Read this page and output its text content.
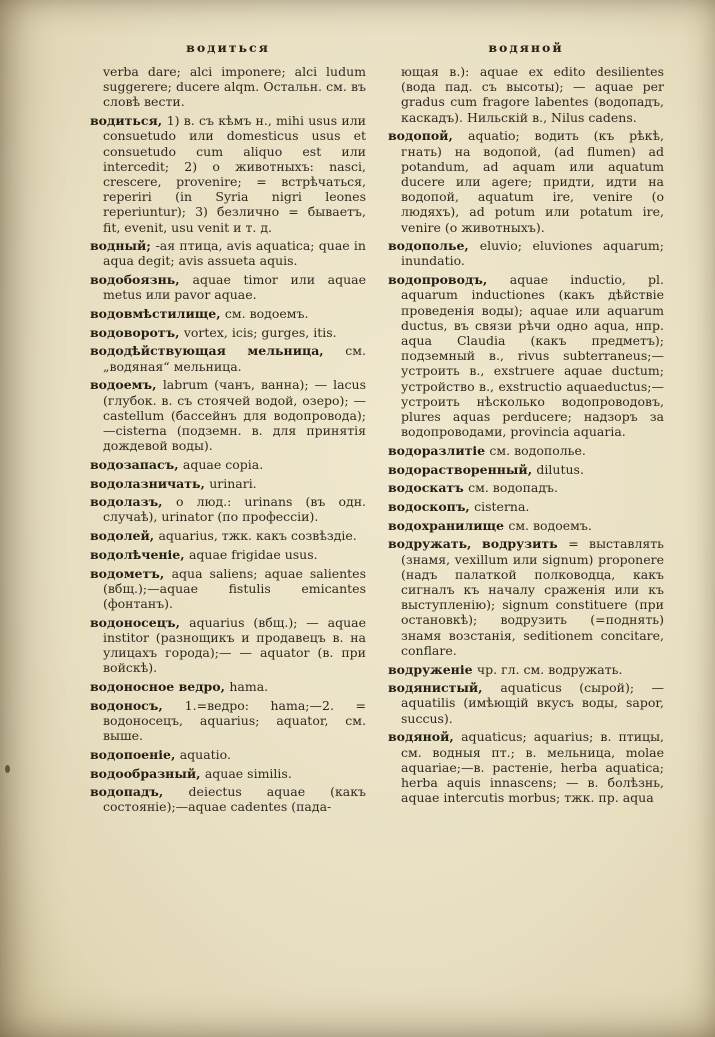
водиться	водяной

verba dare; alci imponere; alci ludum suggerere; ducere alqm. Остальн. см. въ словѣ вести.

водиться, 1) в. съ кѣмъ н., mihi usus или consuetudo или domesticus usus et consuetudo cum aliquo est или intercedit; 2) о животныхъ: nasci, crescere, provenire; = встрѣчаться, reperiri (in Syria nigri leones reperiuntur); 3) безлично = бываетъ, fit, evenit, usu venit и т. д.

водный; -ая птица, avis aquatica; quae in aqua degit; avis assueta aquis.

водобоязнь, aquae timor или aquae metus или pavor aquae.

водовмѣстилище, см. водоемъ.

водоворотъ, vortex, icis; gurges, itis.

вододѣйствующая мельница, см. „водяная“ мельница.

водоемъ, labrum (чанъ, ванна); — lacus (глубок. в. съ стоячей водой, озеро); — castellum (бассейнъ для водопровода);—cisterna (подземн. в. для принятія дождевой воды).

водозапасъ, aquae copia.

водолазничать, urinari.

водолазъ, о люд.: urinans (въ одн. случаѣ), urinator (по профессіи).

водолей, aquarius, тжк. какъ созвѣздіе.

водолѣченіе, aquae frigidae usus.

водометъ, aqua saliens; aquae salientes (вбщ.);—aquae fistulis emicantes (фонтанъ).

водоносецъ, aquarius (вбщ.); — aquae institor (разнощикъ и продавецъ в. на улицахъ города);— — aquator (в. при войскѣ).

водоносное ведро, hama.

водоносъ, 1.=ведро: hama;—2. = водоносецъ, aquarius; aquator, см. выше.

водопоеніе, aquatio.

водообразный, aquae similis.

водопадъ, deiectus aquae (какъ состояніе);—aquae cadentes (пада-

ющая в.): aquae ex edito desilientes (вода пад. съ высоты); — aquae per gradus cum fragore labentes (водопадъ, каскадъ). Нильскій в., Nilus cadens.

водопой, aquatio; водить (къ рѣкѣ, гнать) на водопой, (ad flumen) ad potandum, ad aquam или aquatum ducere или agere; придти, идти на водопой, aquatum ire, venire (о людяхъ), ad potum или potatum ire, venire (о животныхъ).

водополье, eluvio; eluviones aquarum; inundatio.

водопроводъ, aquae inductio, pl. aquarum inductiones (какъ дѣйствіе проведенія воды); aquae или aquarum ductus, въ связи рѣчи одно aqua, нпр. aqua Claudia (какъ предметъ); подземный в., rivus subterraneus;—устроить в., exstruere aquae ductum; устройство в., exstructio aquaeductus;—устроить нѣсколько водопроводовъ, plures aquas perducere; надзоръ за водопроводами, provincia aquaria.

водоразлитіе см. водополье.

водорастворенный, dilutus.

водоскатъ см. водопадъ.

водоскопъ, cisterna.

водохранилище см. водоемъ.

водружать, водрузить = выставлять (знамя, vexillum или signum) proponere (надъ палаткой полководца, какъ сигналъ къ началу сраженія или къ выступленію); signum constituere (при остановкѣ); водрузить (=поднять) знамя возстанія, seditionem concitare, conflare.

водруженіе чр. гл. см. водружать.

водянистый, aquaticus (сырой); — aquatilis (имѣющій вкусъ воды, sapor, succus).

водяной, aquaticus; aquarius; в. птицы, см. водныя пт.; в. мельница, molae aquariae;—в. растеніе, herba aquatica; herba aquis innascens; — в. болѣзнь, aquae intercutis morbus; тжк. пр. aqua
